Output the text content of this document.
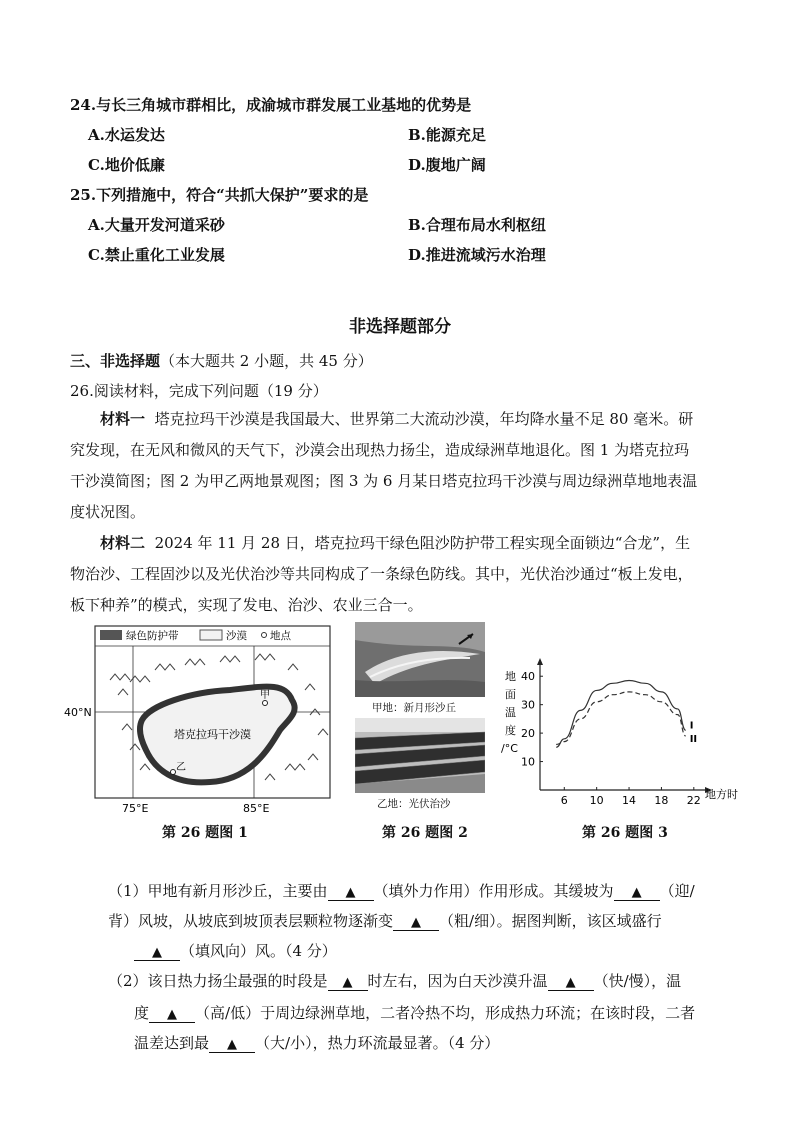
24.与长三角城市群相比，成渝城市群发展工业基地的优势是
A.水运发达	B.能源充足
C.地价低廉	D.腹地广阔
25.下列措施中，符合“共抓大保护”要求的是
A.大量开发河道采砂	B.合理布局水利枢纽
C.禁止重化工业发展	D.推进流域污水治理
非选择题部分
三、非选择题（本大题共 2 小题，共 45 分）
26.阅读材料，完成下列问题（19 分）
材料一 塔克拉玛干沙漠是我国最大、世界第二大流动沙漠，年均降水量不足 80 毫米。研
究发现，在无风和微风的天气下，沙漠会出现热力扬尘，造成绿洲草地退化。图 1 为塔克拉玛
干沙漠简图；图 2 为甲乙两地景观图；图 3 为 6 月某日塔克拉玛干沙漠与周边绿洲草地地表温
度状况图。
材料二 2024 年 11 月 28 日，塔克拉玛干绿色阻沙防护带工程实现全面锁边“合龙”，生
物治沙、工程固沙以及光伏治沙等共同构成了一条绿色防线。其中，光伏治沙通过“板上发电，
板下种养”的模式，实现了发电、治沙、农业三合一。
绿色防护带	沙漠 地点
塔克拉玛干沙漠
甲
乙
40°N
75°E	85°E
第 26 题图 1
甲地：新月形沙丘
乙地：光伏治沙
第 26 题图 2
6 10 14 18 22
10
20
30
40
I
II
地面温度/°C
地方时
第 26 题图 3
（1）甲地有新月形沙丘，主要由 ▲ （填外力作用）作用形成。其缓坡为 ▲ （迎/
背）风坡，从坡底到坡顶表层颗粒物逐渐变 ▲ （粗/细）。据图判断，该区域盛行
▲ （填风向）风。（4 分）
（2）该日热力扬尘最强的时段是 ▲ 时左右，因为白天沙漠升温 ▲ （快/慢），温
度 ▲ （高/低）于周边绿洲草地，二者冷热不均，形成热力环流；在该时段，二者
温差达到最 ▲ （大/小），热力环流最显著。（4 分）
